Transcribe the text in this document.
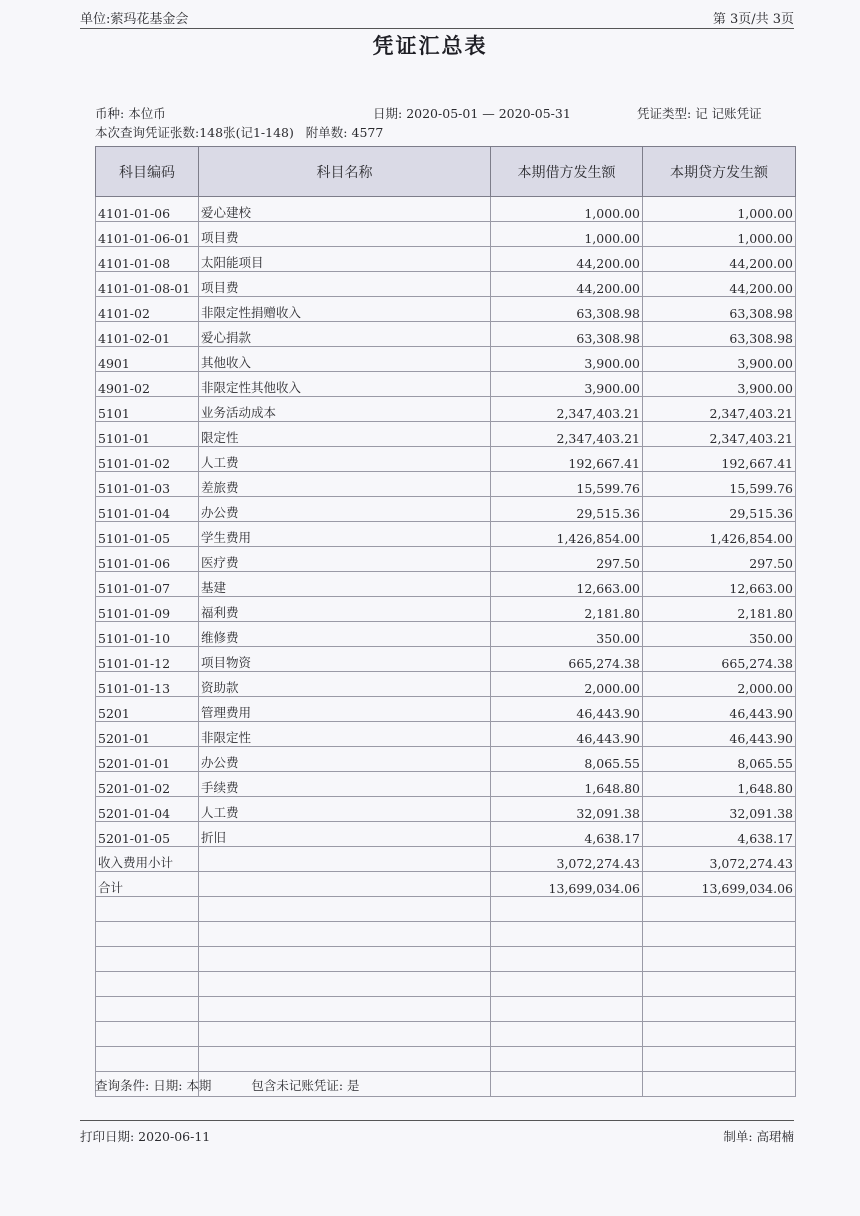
单位:萦玛花基金会	第 3页/共 3页
凭证汇总表
币种: 本位币	日期: 2020-05-01 — 2020-05-31	凭证类型: 记 记账凭证
本次查询凭证张数:148张(记1-148) 附单数: 4577
科目编码	科目名称	本期借方发生额	本期贷方发生额
4101-01-06	爱心建校	1,000.00	1,000.00
4101-01-06-01	项目费	1,000.00	1,000.00
4101-01-08	太阳能项目	44,200.00	44,200.00
4101-01-08-01	项目费	44,200.00	44,200.00
4101-02	非限定性捐赠收入	63,308.98	63,308.98
4101-02-01	爱心捐款	63,308.98	63,308.98
4901	其他收入	3,900.00	3,900.00
4901-02	非限定性其他收入	3,900.00	3,900.00
5101	业务活动成本	2,347,403.21	2,347,403.21
5101-01	限定性	2,347,403.21	2,347,403.21
5101-01-02	人工费	192,667.41	192,667.41
5101-01-03	差旅费	15,599.76	15,599.76
5101-01-04	办公费	29,515.36	29,515.36
5101-01-05	学生费用	1,426,854.00	1,426,854.00
5101-01-06	医疗费	297.50	297.50
5101-01-07	基建	12,663.00	12,663.00
5101-01-09	福利费	2,181.80	2,181.80
5101-01-10	维修费	350.00	350.00
5101-01-12	项目物资	665,274.38	665,274.38
5101-01-13	资助款	2,000.00	2,000.00
5201	管理费用	46,443.90	46,443.90
5201-01	非限定性	46,443.90	46,443.90
5201-01-01	办公费	8,065.55	8,065.55
5201-01-02	手续费	1,648.80	1,648.80
5201-01-04	人工费	32,091.38	32,091.38
5201-01-05	折旧	4,638.17	4,638.17
收入费用小计		3,072,274.43	3,072,274.43
合计		13,699,034.06	13,699,034.06

查询条件: 日期: 本期	包含未记账凭证: 是
打印日期: 2020-06-11	制单: 高珺楠
